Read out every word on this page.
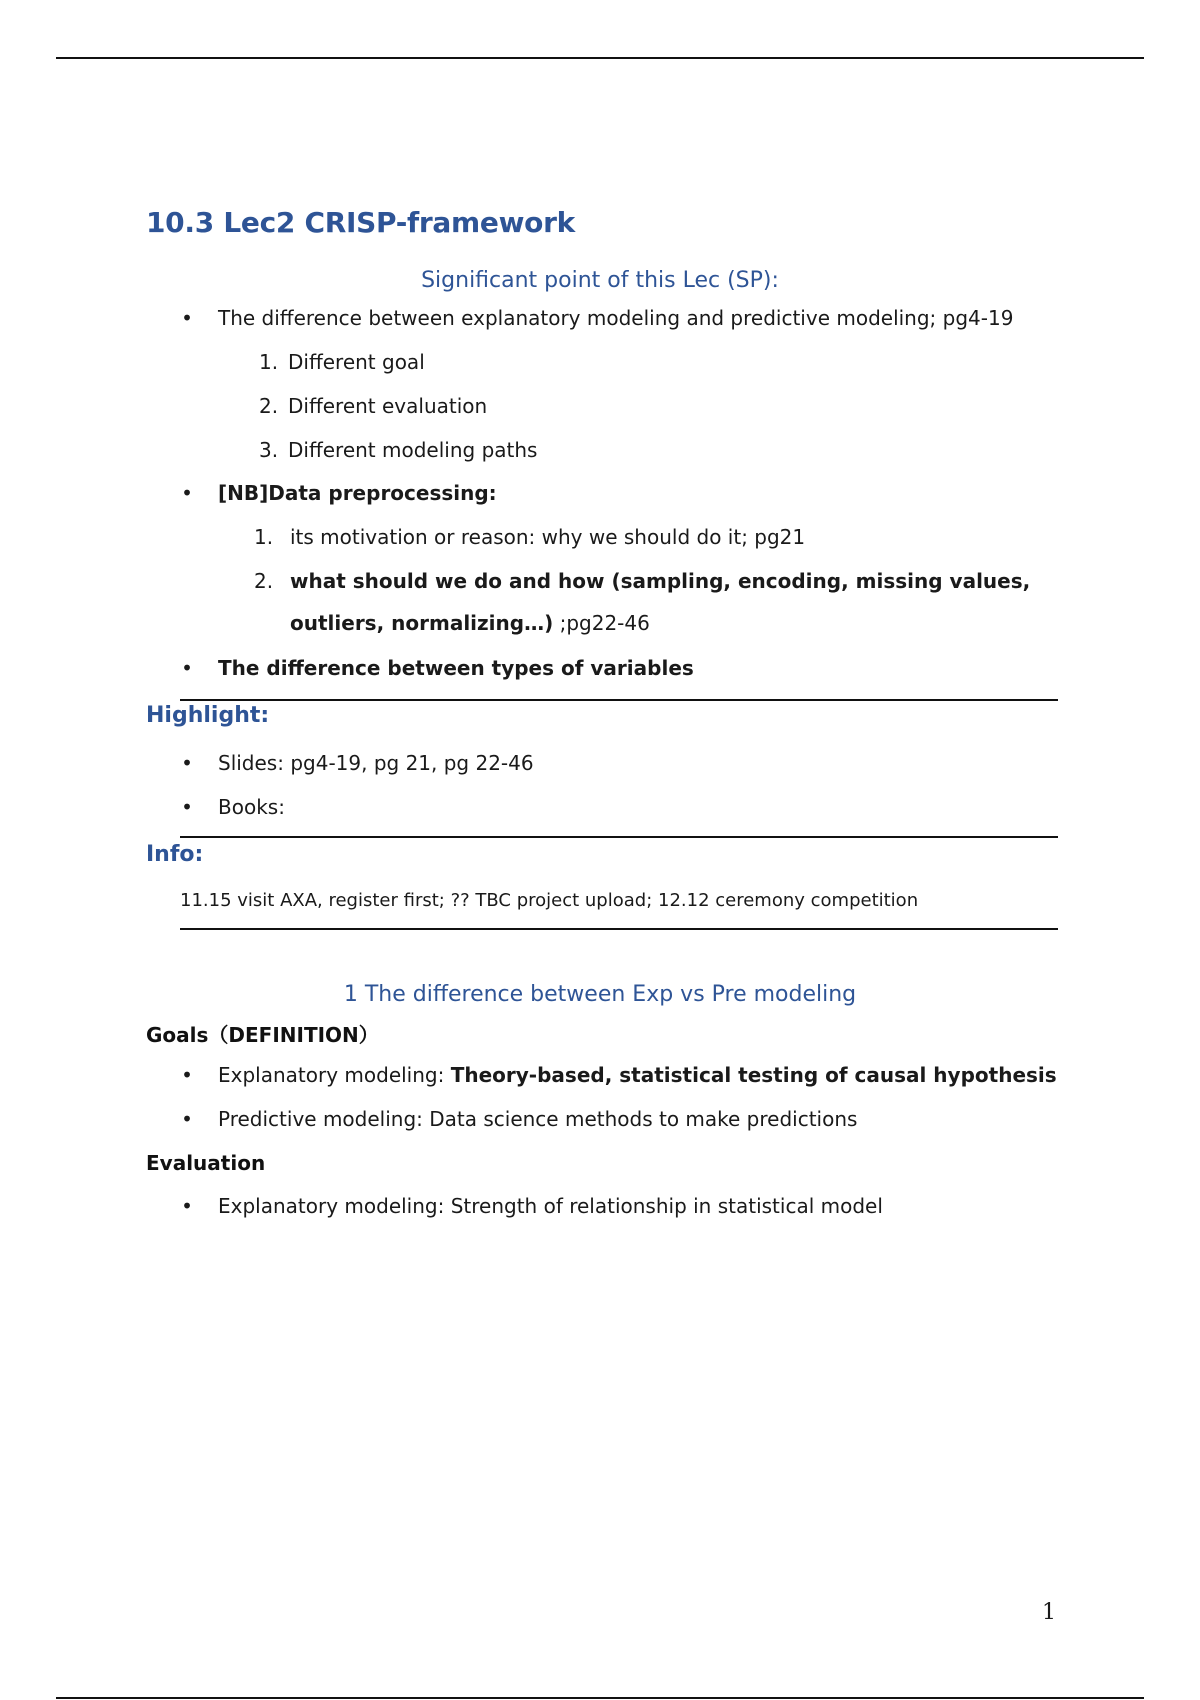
10.3 Lec2 CRISP-framework
Significant point of this Lec (SP):
• The difference between explanatory modeling and predictive modeling; pg4-19
1. Different goal
2. Different evaluation
3. Different modeling paths
• [NB]Data preprocessing:
1. its motivation or reason: why we should do it; pg21
2. what should we do and how (sampling, encoding, missing values,
outliers, normalizing…) ;pg22-46
• The difference between types of variables
Highlight:
• Slides: pg4-19, pg 21, pg 22-46
• Books:
Info:
11.15 visit AXA, register first; ?? TBC project upload; 12.12 ceremony competition
1 The difference between Exp vs Pre modeling
Goals（DEFINITION）
• Explanatory modeling: Theory-based, statistical testing of causal hypothesis
• Predictive modeling: Data science methods to make predictions
Evaluation
• Explanatory modeling: Strength of relationship in statistical model
1
